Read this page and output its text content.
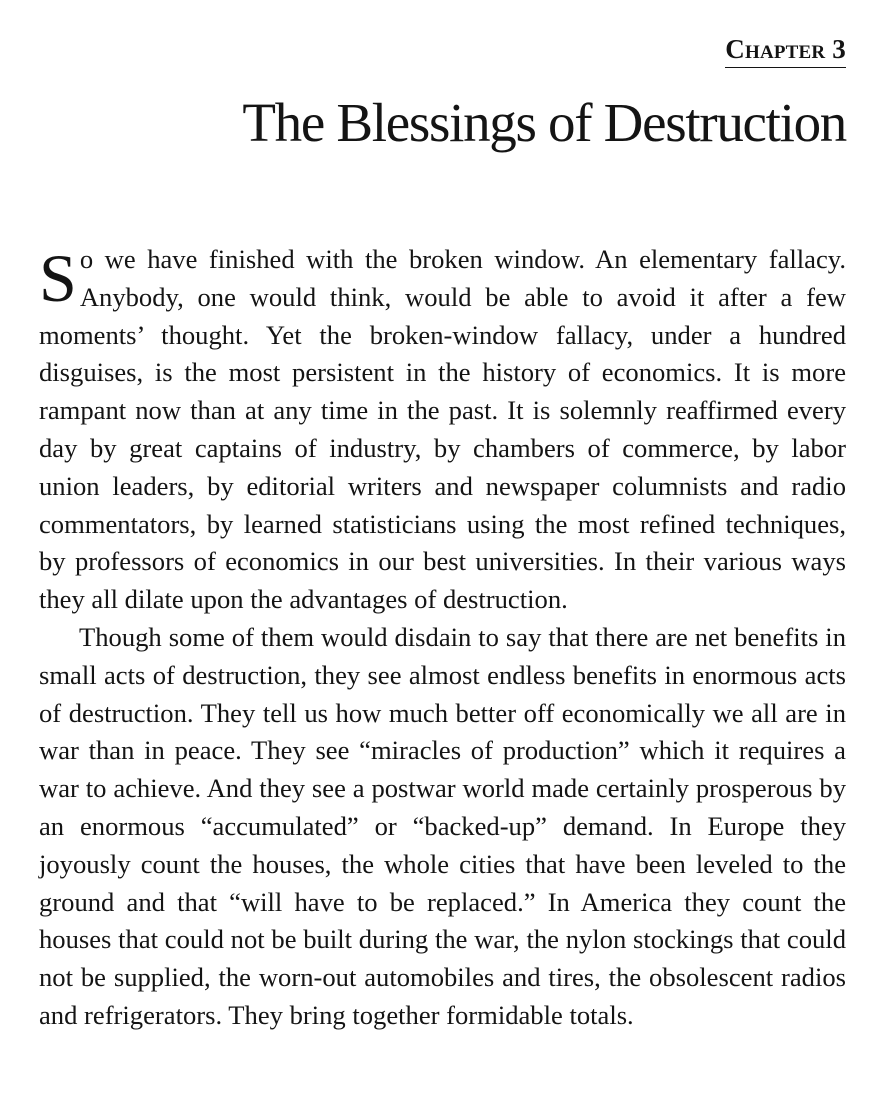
Chapter 3
The Blessings of Destruction

So we have finished with the broken window. An elementary fallacy. Anybody, one would think, would be able to avoid it after a few moments’ thought. Yet the broken-window fallacy, under a hundred disguises, is the most persistent in the history of economics. It is more rampant now than at any time in the past. It is solemnly reaffirmed every day by great captains of industry, by chambers of commerce, by labor union leaders, by editorial writers and newspaper columnists and radio commentators, by learned statisticians using the most refined techniques, by professors of economics in our best universities. In their various ways they all dilate upon the advantages of destruction.

Though some of them would disdain to say that there are net benefits in small acts of destruction, they see almost endless benefits in enormous acts of destruction. They tell us how much better off economically we all are in war than in peace. They see “miracles of production” which it requires a war to achieve. And they see a postwar world made certainly prosperous by an enormous “accumulated” or “backed-up” demand. In Europe they joyously count the houses, the whole cities that have been leveled to the ground and that “will have to be replaced.” In America they count the houses that could not be built during the war, the nylon stockings that could not be supplied, the worn-out automobiles and tires, the obsolescent radios and refrigerators. They bring together formidable totals.
